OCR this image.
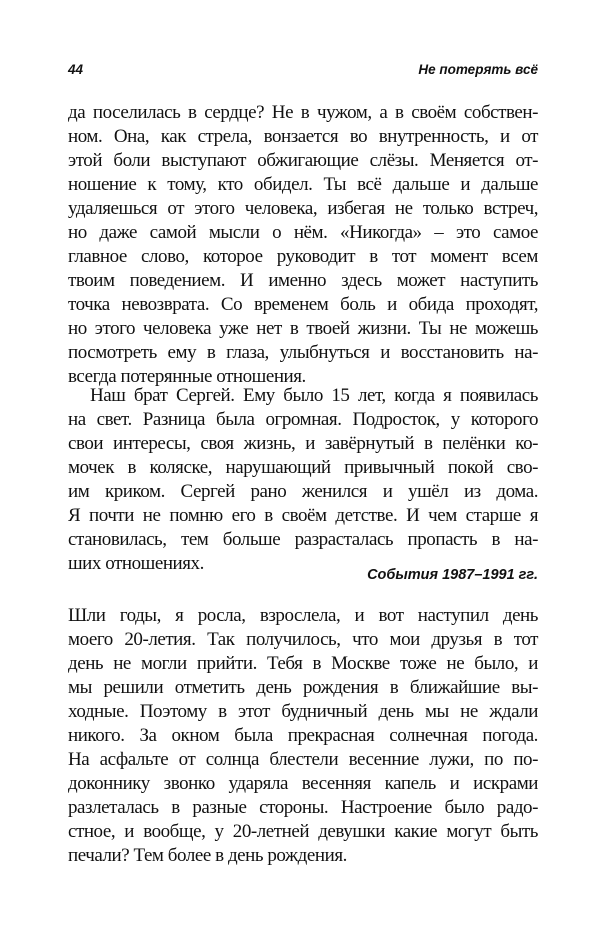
44	Не потерять всё
да поселилась в сердце? Не в чужом, а в своём собствен-
ном. Она, как стрела, вонзается во внутренность, и от
этой боли выступают обжигающие слёзы. Меняется от-
ношение к тому, кто обидел. Ты всё дальше и дальше
удаляешься от этого человека, избегая не только встреч,
но даже самой мысли о нём. «Никогда» – это самое
главное слово, которое руководит в тот момент всем
твоим поведением. И именно здесь может наступить
точка невозврата. Со временем боль и обида проходят,
но этого человека уже нет в твоей жизни. Ты не можешь
посмотреть ему в глаза, улыбнуться и восстановить на-
всегда потерянные отношения.
Наш брат Сергей. Ему было 15 лет, когда я появилась
на свет. Разница была огромная. Подросток, у которого
свои интересы, своя жизнь, и завёрнутый в пелёнки ко-
мочек в коляске, нарушающий привычный покой сво-
им криком. Сергей рано женился и ушёл из дома.
Я почти не помню его в своём детстве. И чем старше я
становилась, тем больше разрасталась пропасть в на-
ших отношениях.
Шли годы, я росла, взрослела, и вот наступил день
моего 20-летия. Так получилось, что мои друзья в тот
день не могли прийти. Тебя в Москве тоже не было, и
мы решили отметить день рождения в ближайшие вы-
ходные. Поэтому в этот будничный день мы не ждали
никого. За окном была прекрасная солнечная погода.
На асфальте от солнца блестели весенние лужи, по по-
доконнику звонко ударяла весенняя капель и искрами
разлеталась в разные стороны. Настроение было радо-
стное, и вообще, у 20-летней девушки какие могут быть
печали? Тем более в день рождения.
События 1987–1991 гг.
